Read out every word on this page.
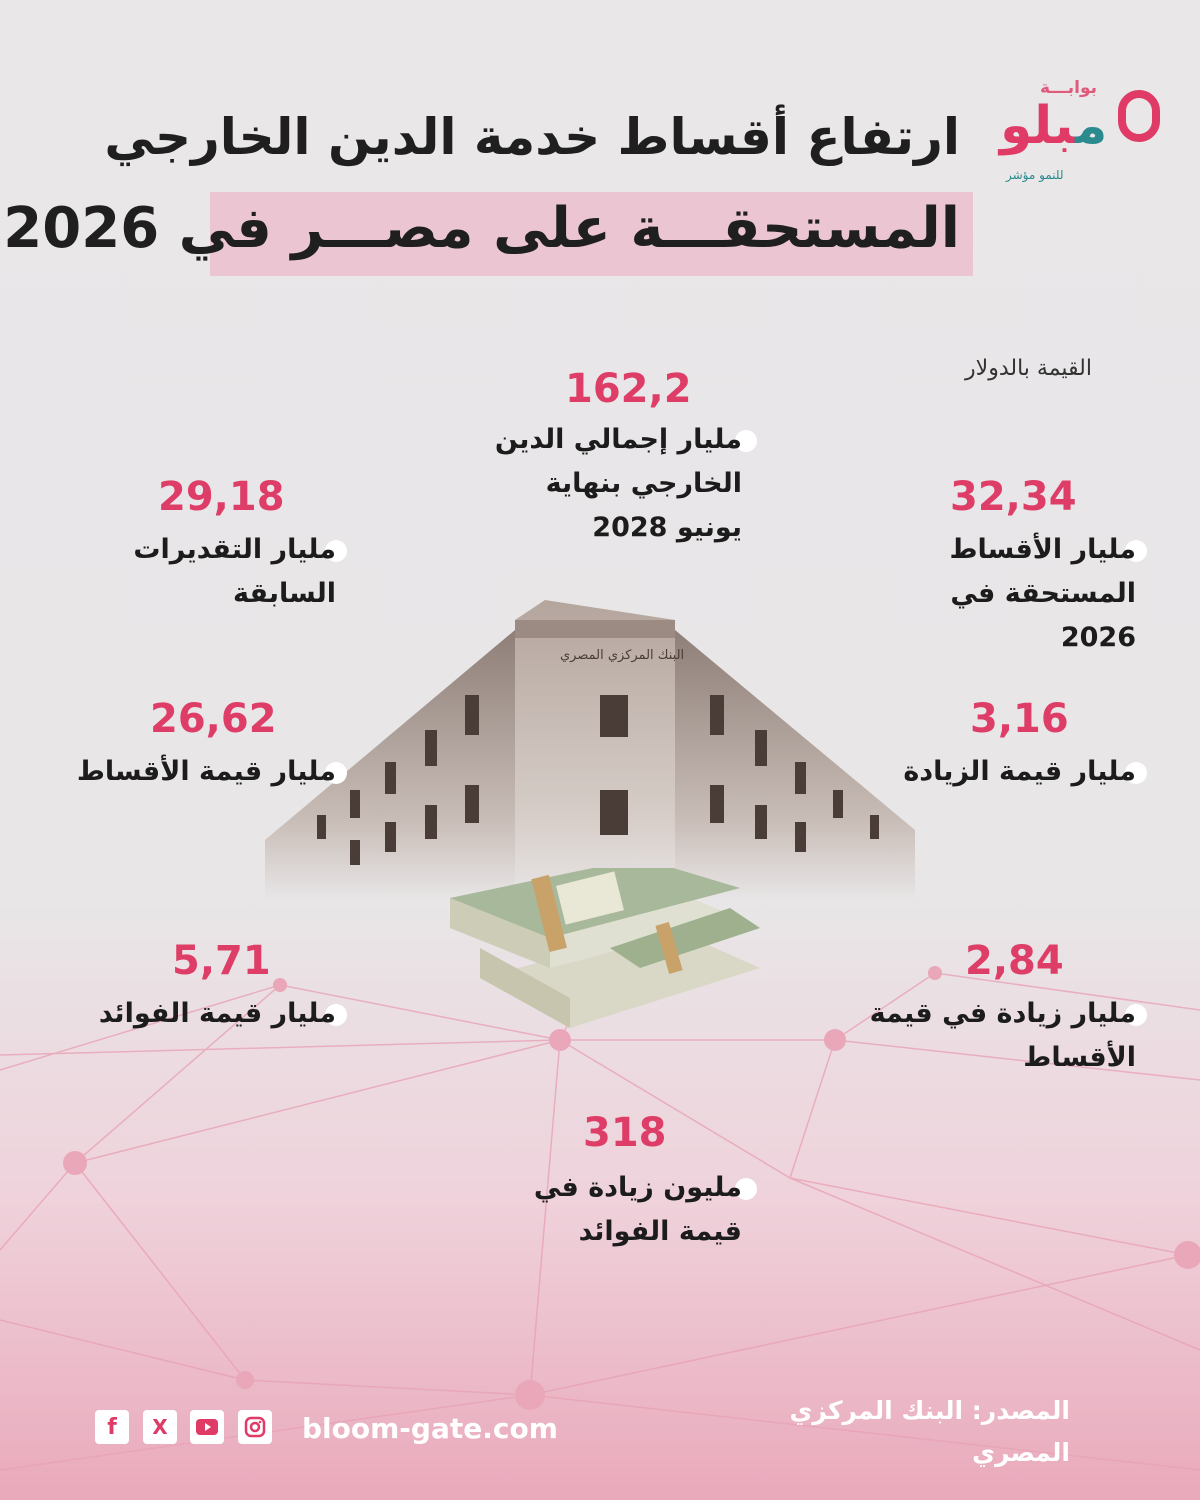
بوابـــة
مبلو
للنمو مؤشر
ارتفاع أقساط خدمة الدين الخارجي
المستحقـــة على مصـــر في 2026
القيمة بالدولار
البنك المركزي المصري
162,2
مليار إجمالي الدين الخارجي بنهاية يونيو 2028
32,34
مليار الأقساط المستحقة في 2026
3,16
مليار قيمة الزيادة
2,84
مليار زيادة في قيمة الأقساط
29,18
مليار التقديرات السابقة
26,62
مليار قيمة الأقساط
5,71
مليار قيمة الفوائد
318
مليون زيادة في قيمة الفوائد
f	X	bloom-gate.com
المصدر: البنك المركزي المصري
